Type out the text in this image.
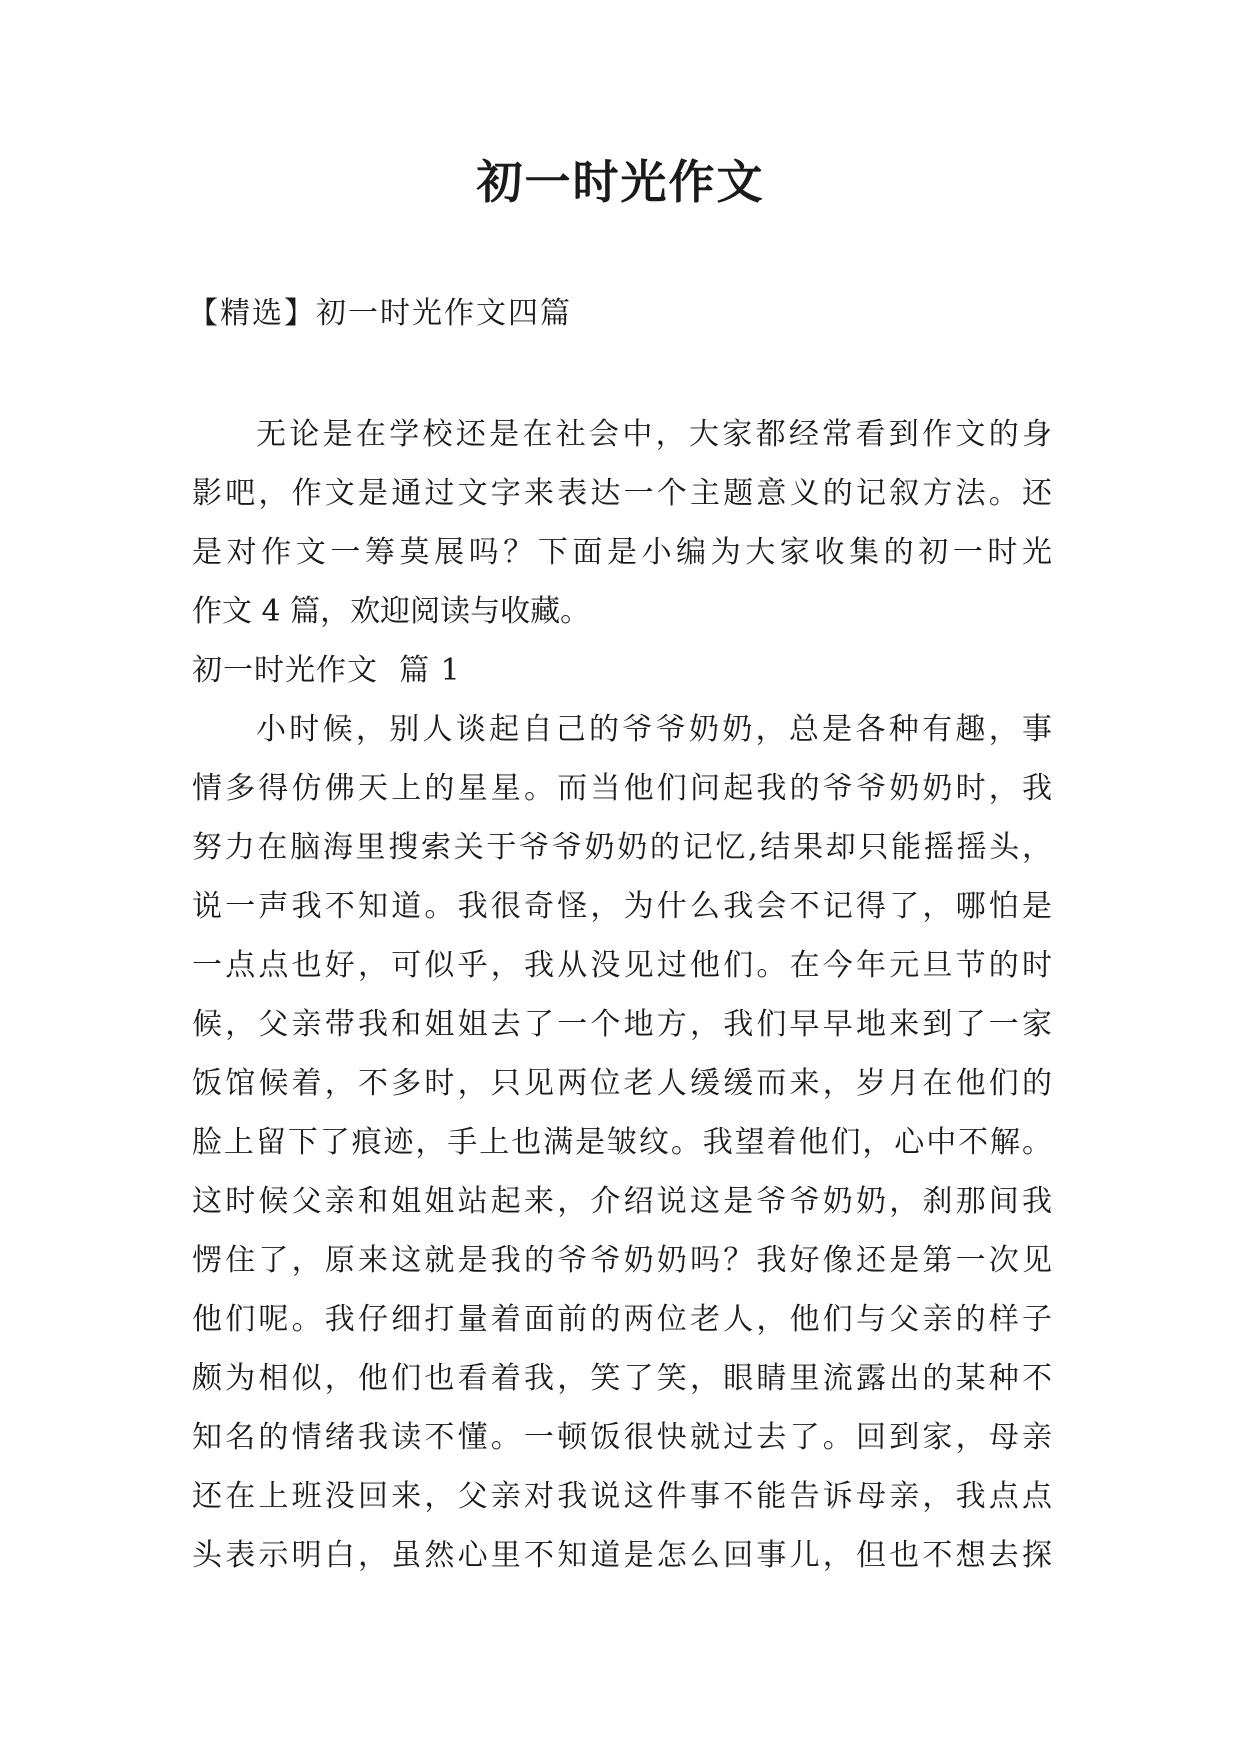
初一时光作文
【精选】初一时光作文四篇
无论是在学校还是在社会中，大家都经常看到作文的身
影吧，作文是通过文字来表达一个主题意义的记叙方法。还
是对作文一筹莫展吗？下面是小编为大家收集的初一时光
作文 4 篇，欢迎阅读与收藏。
初一时光作文  篇 1
小时候，别人谈起自己的爷爷奶奶，总是各种有趣，事
情多得仿佛天上的星星。而当他们问起我的爷爷奶奶时，我
努力在脑海里搜索关于爷爷奶奶的记忆,结果却只能摇摇头，
说一声我不知道。我很奇怪，为什么我会不记得了，哪怕是
一点点也好，可似乎，我从没见过他们。在今年元旦节的时
候，父亲带我和姐姐去了一个地方，我们早早地来到了一家
饭馆候着，不多时，只见两位老人缓缓而来，岁月在他们的
脸上留下了痕迹，手上也满是皱纹。我望着他们，心中不解。
这时候父亲和姐姐站起来，介绍说这是爷爷奶奶，刹那间我
愣住了，原来这就是我的爷爷奶奶吗？我好像还是第一次见
他们呢。我仔细打量着面前的两位老人，他们与父亲的样子
颇为相似，他们也看着我，笑了笑，眼睛里流露出的某种不
知名的情绪我读不懂。一顿饭很快就过去了。回到家，母亲
还在上班没回来，父亲对我说这件事不能告诉母亲，我点点
头表示明白，虽然心里不知道是怎么回事儿，但也不想去探
